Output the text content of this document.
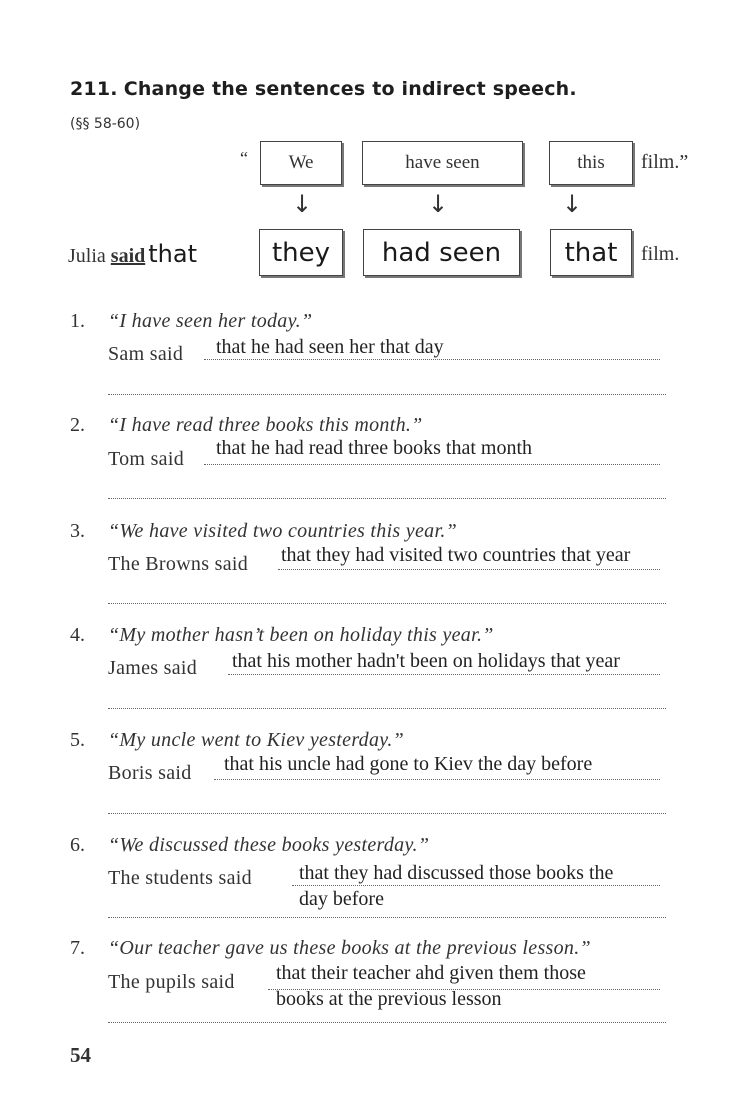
211. Change the sentences to indirect speech.
(§§ 58-60)
“	We	have seen	this	film.”
↓	↓	↓
Julia said that	they	had seen	that	film.
1. “I have seen her today.”
Sam said that he had seen her that day
2. “I have read three books this month.”
Tom said that he had read three books that month
3. “We have visited two countries this year.”
The Browns said that they had visited two countries that year
4. “My mother hasn’t been on holiday this year.”
James said that his mother hadn't been on holidays that year
5. “My uncle went to Kiev yesterday.”
Boris said that his uncle had gone to Kiev the day before
6. “We discussed these books yesterday.”
The students said that they had discussed those books the
day before
7. “Our teacher gave us these books at the previous lesson.”
The pupils said that their teacher ahd given them those
books at the previous lesson
54
